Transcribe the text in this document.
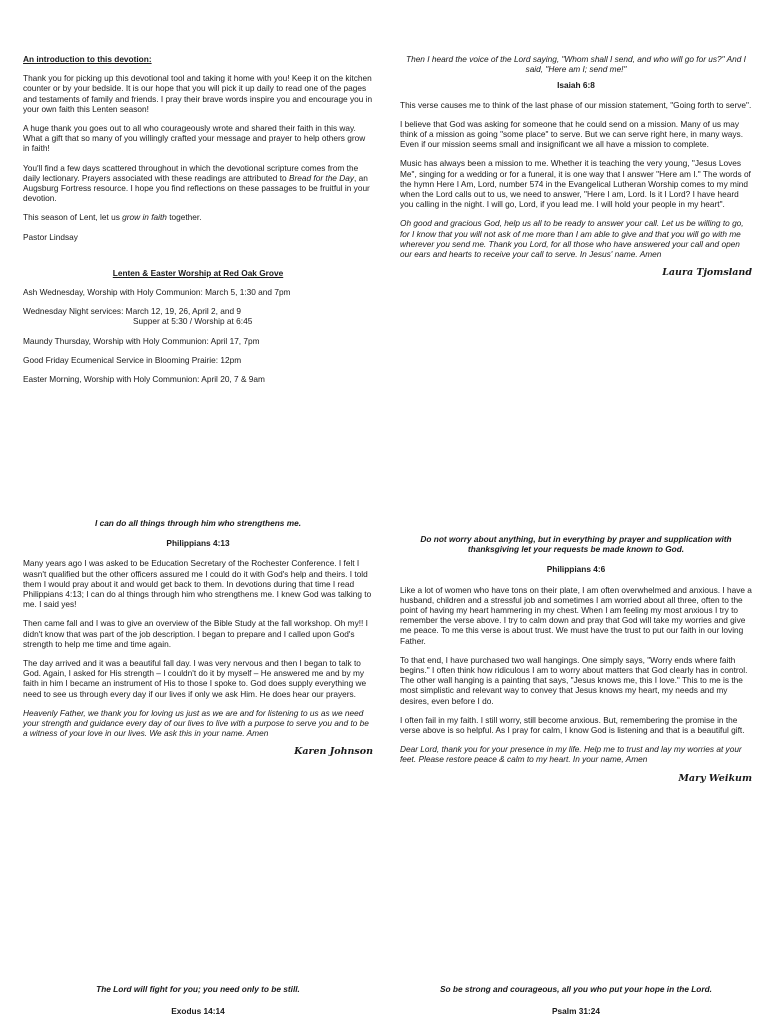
An introduction to this devotion:

Thank you for picking up this devotional tool and taking it home with you! Keep it on the kitchen counter or by your bedside. It is our hope that you will pick it up daily to read one of the pages and testaments of family and friends. I pray their brave words inspire you and encourage you in your own faith this Lenten season!

A huge thank you goes out to all who courageously wrote and shared their faith in this way. What a gift that so many of you willingly crafted your message and prayer to help others grow in faith!

You'll find a few days scattered throughout in which the devotional scripture comes from the daily lectionary. Prayers associated with these readings are attributed to Bread for the Day, an Augsburg Fortress resource. I hope you find reflections on these passages to be fruitful in your devotion.

This season of Lent, let us grow in faith together.

Pastor Lindsay

Lenten & Easter Worship at Red Oak Grove

Ash Wednesday, Worship with Holy Communion: March 5, 1:30 and 7pm

Wednesday Night services: March 12, 19, 26, April 2, and 9
Supper at 5:30 / Worship at 6:45

Maundy Thursday, Worship with Holy Communion: April 17, 7pm

Good Friday Ecumenical Service in Blooming Prairie: 12pm

Easter Morning, Worship with Holy Communion: April 20, 7 & 9am

Then I heard the voice of the Lord saying, "Whom shall I send, and who will go for us?" And I said, "Here am I; send me!"

Isaiah 6:8

This verse causes me to think of the last phase of our mission statement, "Going forth to serve".

I believe that God was asking for someone that he could send on a mission. Many of us may think of a mission as going "some place" to serve. But we can serve right here, in many ways. Even if our mission seems small and insignificant we all have a mission to complete.

Music has always been a mission to me. Whether it is teaching the very young, "Jesus Loves Me", singing for a wedding or for a funeral, it is one way that I answer "Here am I." The words of the hymn Here I Am, Lord, number 574 in the Evangelical Lutheran Worship comes to my mind when the Lord calls out to us, we need to answer, "Here I am, Lord. Is it I Lord? I have heard you calling in the night. I will go, Lord, if you lead me. I will hold your people in my heart".

Oh good and gracious God, help us all to be ready to answer your call. Let us be willing to go, for I know that you will not ask of me more than I am able to give and that you will go with me wherever you send me. Thank you Lord, for all those who have answered your call and open our ears and hearts to receive your call to serve. In Jesus' name. Amen

Laura Tjomsland

I can do all things through him who strengthens me.

Philippians 4:13

Many years ago I was asked to be Education Secretary of the Rochester Conference. I felt I wasn't qualified but the other officers assured me I could do it with God's help and theirs. I told them I would pray about it and would get back to them. In devotions during that time I read Philippians 4:13; I can do al things through him who strengthens me. I knew God was talking to me. I said yes!

Then came fall and I was to give an overview of the Bible Study at the fall workshop. Oh my!! I didn't know that was part of the job description. I began to prepare and I called upon God's strength to help me time and time again.

The day arrived and it was a beautiful fall day. I was very nervous and then I began to talk to God. Again, I asked for His strength – I couldn't do it by myself – He answered me and by my faith in him I became an instrument of His to those I spoke to. God does supply everything we need to see us through every day if our lives if only we ask Him. He does hear our prayers.

Heavenly Father, we thank you for loving us just as we are and for listening to us as we need your strength and guidance every day of our lives to live with a purpose to serve you and to be a witness of your love in our lives. We ask this in your name. Amen

Karen Johnson

Do not worry about anything, but in everything by prayer and supplication with thanksgiving let your requests be made known to God.

Philippians 4:6

Like a lot of women who have tons on their plate, I am often overwhelmed and anxious. I have a husband, children and a stressful job and sometimes I am worried about all three, often to the point of having my heart hammering in my chest. When I am feeling my most anxious I try to remember the verse above. I try to calm down and pray that God will take my worries and give me peace. To me this verse is about trust. We must have the trust to put our faith in our loving Father.

To that end, I have purchased two wall hangings. One simply says, "Worry ends where faith begins." I often think how ridiculous I am to worry about matters that God clearly has in control. The other wall hanging is a painting that says, "Jesus knows me, this I love." This to me is the most simplistic and relevant way to convey that Jesus knows my heart, my needs and my desires, even before I do.

I often fail in my faith. I still worry, still become anxious. But, remembering the promise in the verse above is so helpful. As I pray for calm, I know God is listening and that is a beautiful gift.

Dear Lord, thank you for your presence in my life. Help me to trust and lay my worries at your feet. Please restore peace & calm to my heart. In your name, Amen

Mary Weikum

The Lord will fight for you; you need only to be still.

Exodus 14:14

So be strong and courageous, all you who put your hope in the Lord.

Psalm 31:24
